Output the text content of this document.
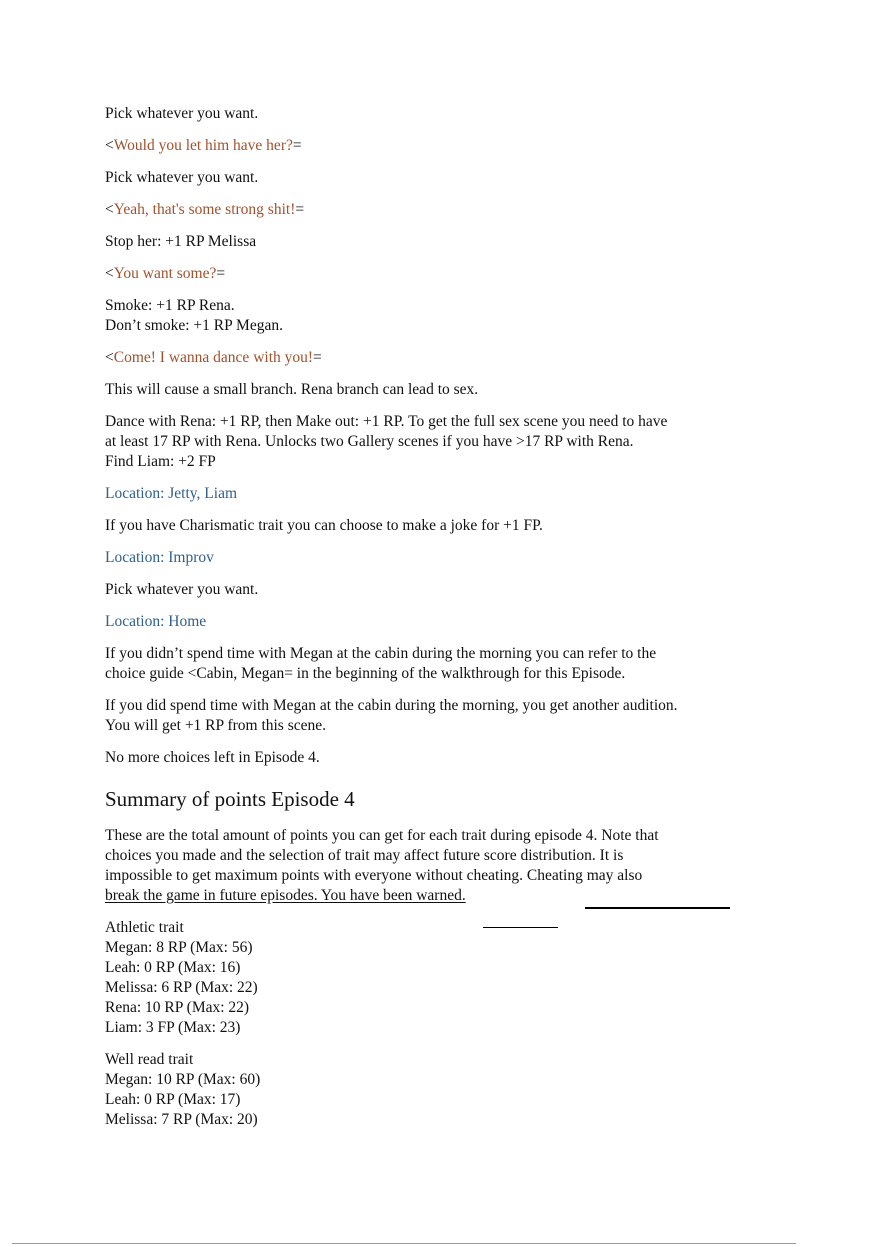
Pick whatever you want.

<Would you let him have her?=

Pick whatever you want.

<Yeah, that's some strong shit!=

Stop her: +1 RP Melissa

<You want some?=

Smoke: +1 RP Rena.
Don’t smoke: +1 RP Megan.

<Come! I wanna dance with you!=

This will cause a small branch. Rena branch can lead to sex.

Dance with Rena: +1 RP, then Make out: +1 RP. To get the full sex scene you need to have
at least 17 RP with Rena. Unlocks two Gallery scenes if you have >17 RP with Rena.
Find Liam: +2 FP

Location: Jetty, Liam

If you have Charismatic trait you can choose to make a joke for +1 FP.

Location: Improv

Pick whatever you want.

Location: Home

If you didn’t spend time with Megan at the cabin during the morning you can refer to the
choice guide <Cabin, Megan= in the beginning of the walkthrough for this Episode.

If you did spend time with Megan at the cabin during the morning, you get another audition.
You will get +1 RP from this scene.

No more choices left in Episode 4.

Summary of points Episode 4

These are the total amount of points you can get for each trait during episode 4. Note that
choices you made and the selection of trait may affect future score distribution. It is
impossible to get maximum points with everyone without cheating. Cheating may also
break the game in future episodes. You have been warned.

Athletic trait
Megan: 8 RP (Max: 56)
Leah: 0 RP (Max: 16)
Melissa: 6 RP (Max: 22)
Rena: 10 RP (Max: 22)
Liam: 3 FP (Max: 23)
Well read trait
Megan: 10 RP (Max: 60)
Leah: 0 RP (Max: 17)
Melissa: 7 RP (Max: 20)
